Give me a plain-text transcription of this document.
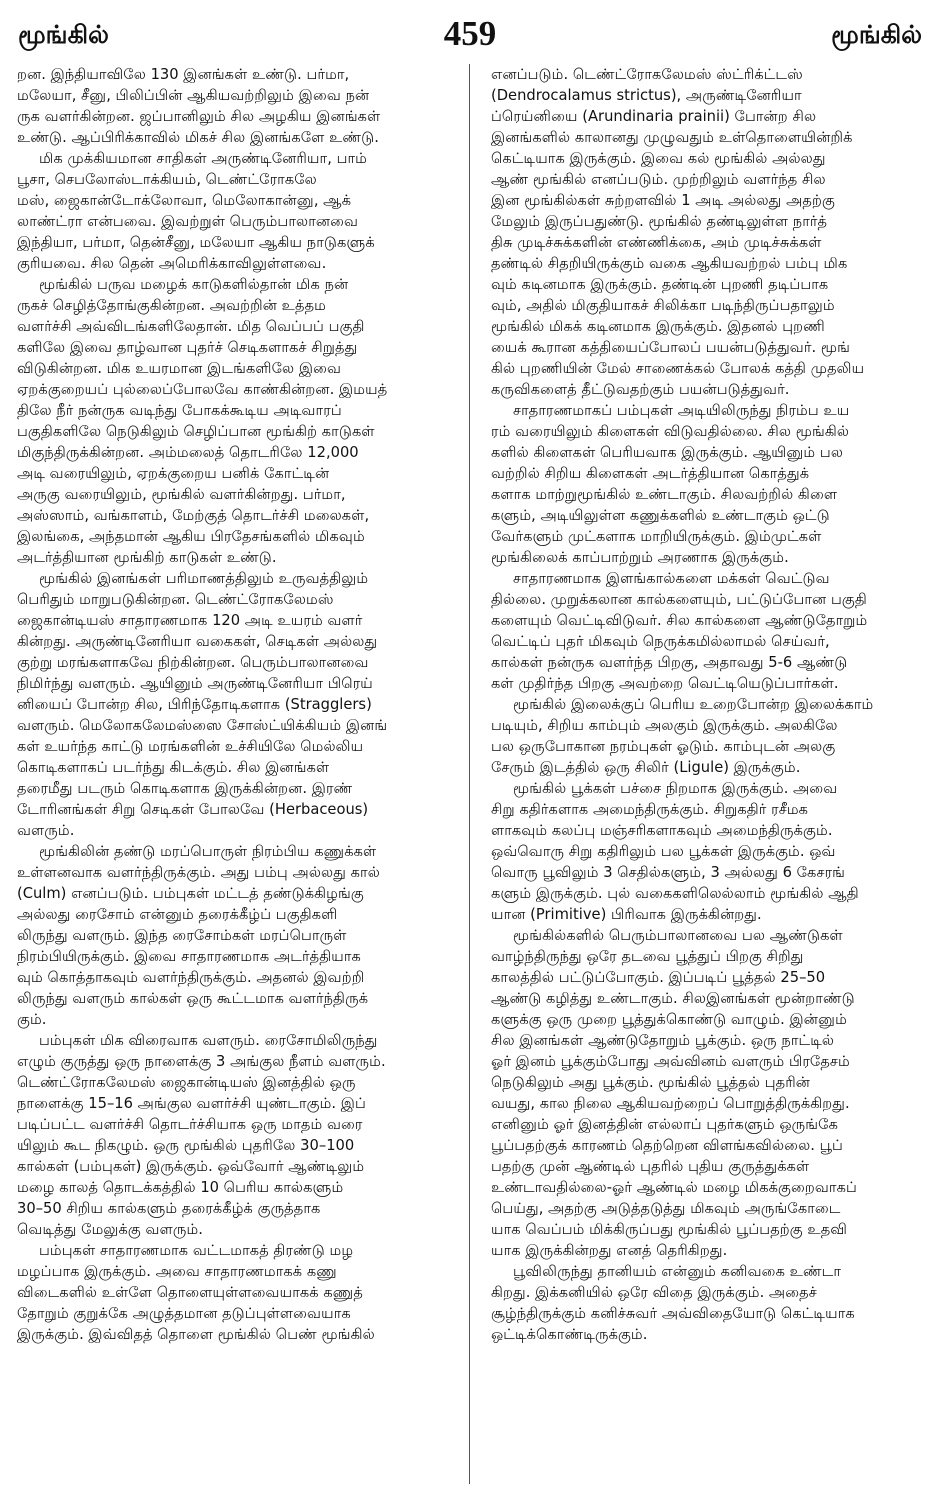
மூங்கில்	459	மூங்கில்

றன. இந்தியாவிலே 130 இனங்கள் உண்டு. பர்மா,

மலேயா, சீனு, பிலிப்பின் ஆகியவற்றிலும் இவை நன்

ருக வளர்கின்றன. ஜப்பானிலும் சில அழகிய இனங்கள்

உண்டு. ஆப்பிரிக்காவில் மிகச் சில இனங்களே உண்டு.

மிக முக்கியமான சாதிகள் அருண்டினேரியா, பாம்

பூசா, செபலோஸ்டாக்கியம், டெண்ட்ரோகலே

மஸ், ஜைகான்டோக்லோவா, மெலோகான்னு, ஆக்

லாண்ட்ரா என்பவை. இவற்றுள் பெரும்பாலானவை

இந்தியா, பர்மா, தென்சீனு, மலேயா ஆகிய நாடுகளுக்

குரியவை. சில தென் அமெரிக்காவிலுள்ளவை.

மூங்கில் பருவ மழைக் காடுகளில்தான் மிக நன்

ருகச் செழித்தோங்குகின்றன. அவற்றின் உத்தம

வளர்ச்சி அவ்விடங்களிலேதான். மித வெப்பப் பகுதி

களிலே இவை தாழ்வான புதர்ச் செடிகளாகச் சிறுத்து

விடுகின்றன. மிக உயரமான இடங்களிலே இவை

ஏறக்குறையப் புல்லைப்போலவே காண்கின்றன. இமயத்

திலே நீர் நன்ருக வடிந்து போகக்கூடிய அடிவாரப்

பகுதிகளிலே நெடுகிலும் செழிப்பான மூங்கிற் காடுகள்

மிகுந்திருக்கின்றன. அம்மலைத் தொடரிலே 12,000

அடி வரையிலும், ஏறக்குறைய பனிக் கோட்டின்

அருகு வரையிலும், மூங்கில் வளர்கின்றது. பர்மா,

அஸ்ஸாம், வங்காளம், மேற்குத் தொடர்ச்சி மலைகள்,

இலங்கை, அந்தமான் ஆகிய பிரதேசங்களில் மிகவும்

அடர்த்தியான மூங்கிற் காடுகள் உண்டு.

மூங்கில் இனங்கள் பரிமாணத்திலும் உருவத்திலும்

பெரிதும் மாறுபடுகின்றன. டெண்ட்ரோகலேமஸ்

ஜைகான்டியஸ் சாதாரணமாக 120 அடி உயரம் வளர்

கின்றது. அருண்டினேரியா வகைகள், செடிகள் அல்லது

குற்று மரங்களாகவே நிற்கின்றன. பெரும்பாலானவை

நிமிர்ந்து வளரும். ஆயினும் அருண்டினேரியா பிரெய்

னியைப் போன்ற சில, பிரிந்தோடிகளாக (Stragglers)

வளரும். மெலோகலேமஸ்ஸை சோஸ்ட்யிக்கியம் இனங்

கள் உயர்ந்த காட்டு மரங்களின் உச்சியிலே மெல்லிய

கொடிகளாகப் படர்ந்து கிடக்கும். சில இனங்கள்

தரைமீது படரும் கொடிகளாக இருக்கின்றன. இரண்

டோரினங்கள் சிறு செடிகள் போலவே (Herbaceous)

வளரும்.

மூங்கிலின் தண்டு மரப்பொருள் நிரம்பிய கணுக்கள்

உள்ளனவாக வளர்ந்திருக்கும். அது பம்பு அல்லது கால்

(Culm) எனப்படும். பம்புகள் மட்டத் தண்டுக்கிழங்கு

அல்லது ரைசோம் என்னும் தரைக்கீழ்ப் பகுதிகளி

லிருந்து வளரும். இந்த ரைசோம்கள் மரப்பொருள்

நிரம்பியிருக்கும். இவை சாதாரணமாக அடர்த்தியாக

வும் கொத்தாகவும் வளர்ந்திருக்கும். அதனல் இவற்றி

லிருந்து வளரும் கால்கள் ஒரு கூட்டமாக வளர்ந்திருக்

கும்.

பம்புகள் மிக விரைவாக வளரும். ரைசோமிலிருந்து

எழும் குருத்து ஒரு நாளைக்கு 3 அங்குல நீளம் வளரும்.

டெண்ட்ரோகலேமஸ் ஜைகான்டியஸ் இனத்தில் ஒரு

நாளைக்கு 15–16 அங்குல வளர்ச்சி யுண்டாகும். இப்

படிப்பட்ட வளர்ச்சி தொடர்ச்சியாக ஒரு மாதம் வரை

யிலும் கூட நிகழும். ஒரு மூங்கில் புதரிலே 30–100

கால்கள் (பம்புகள்) இருக்கும். ஒவ்வோர் ஆண்டிலும்

மழை காலத் தொடக்கத்தில் 10 பெரிய கால்களும்

30–50 சிறிய கால்களும் தரைக்கீழ்க் குருத்தாக

வெடித்து மேலுக்கு வளரும்.

பம்புகள் சாதாரணமாக வட்டமாகத் திரண்டு மழ

மழப்பாக இருக்கும். அவை சாதாரணமாகக் கணு

விடைகளில் உள்ளே தொளையுள்ளவையாகக் கணுத்

தோறும் குறுக்கே அழுத்தமான தடுப்புள்ளவையாக

இருக்கும். இவ்விதத் தொளை மூங்கில் பெண் மூங்கில்

எனப்படும். டெண்ட்ரோகலேமஸ் ஸ்ட்ரிக்ட்டஸ்

(Dendrocalamus strictus), அருண்டினேரியா

ப்ரெய்னியை (Arundinaria prainii) போன்ற சில

இனங்களில் காலானது முழுவதும் உள்தொளையின்றிக்

கெட்டியாக இருக்கும். இவை கல் மூங்கில் அல்லது

ஆண் மூங்கில் எனப்படும். முற்றிலும் வளர்ந்த சில

இன மூங்கில்கள் சுற்றளவில் 1 அடி அல்லது அதற்கு

மேலும் இருப்பதுண்டு. மூங்கில் தண்டிலுள்ள நார்த்

திசு முடிச்சுக்களின் எண்ணிக்கை, அம் முடிச்சுக்கள்

தண்டில் சிதறியிருக்கும் வகை ஆகியவற்றல் பம்பு மிக

வும் கடினமாக இருக்கும். தண்டின் புறணி தடிப்பாக

வும், அதில் மிகுதியாகச் சிலிக்கா படிந்திருப்பதாலும்

மூங்கில் மிகக் கடினமாக இருக்கும். இதனல் புறணி

யைக் கூரான கத்தியைப்போலப் பயன்படுத்துவர். மூங்

கில் புறணியின் மேல் சாணைக்கல் போலக் கத்தி முதலிய

கருவிகளைத் தீட்டுவதற்கும் பயன்படுத்துவர்.

சாதாரணமாகப் பம்புகள் அடியிலிருந்து நிரம்ப உய

ரம் வரையிலும் கிளைகள் விடுவதில்லை. சில மூங்கில்

களில் கிளைகள் பெரியவாக இருக்கும். ஆயினும் பல

வற்றில் சிறிய கிளைகள் அடர்த்தியான கொத்துக்

களாக மாற்றுமூங்கில் உண்டாகும். சிலவற்றில் கிளை

களும், அடியிலுள்ள கணுக்களில் உண்டாகும் ஒட்டு

வேர்களும் முட்களாக மாறியிருக்கும். இம்முட்கள்

மூங்கிலைக் காப்பாற்றும் அரணாக இருக்கும்.

சாதாரணமாக இளங்கால்களை மக்கள் வெட்டுவ

தில்லை. முறுக்கலான கால்களையும், பட்டுப்போன பகுதி

களையும் வெட்டிவிடுவர். சில கால்களை ஆண்டுதோறும்

வெட்டிப் புதர் மிகவும் நெருக்கமில்லாமல் செய்வர்,

கால்கள் நன்ருக வளர்ந்த பிறகு, அதாவது 5-6 ஆண்டு

கள் முதிர்ந்த பிறகு அவற்றை வெட்டியெடுப்பார்கள்.

மூங்கில் இலைக்குப் பெரிய உறைபோன்ற இலைக்காம்

படியும், சிறிய காம்பும் அலகும் இருக்கும். அலகிலே

பல ஒருபோகான நரம்புகள் ஓடும். காம்புடன் அலகு

சேரும் இடத்தில் ஒரு சிலிர் (Ligule) இருக்கும்.

மூங்கில் பூக்கள் பச்சை நிறமாக இருக்கும். அவை

சிறு கதிர்களாக அமைந்திருக்கும். சிறுகதிர் ரசீமக

ளாகவும் கலப்பு மஞ்சரிகளாகவும் அமைந்திருக்கும்.

ஒவ்வொரு சிறு கதிரிலும் பல பூக்கள் இருக்கும். ஒவ்

வொரு பூவிலும் 3 செதில்களும், 3 அல்லது 6 கேசரங்

களும் இருக்கும். புல் வகைகளிலெல்லாம் மூங்கில் ஆதி

யான (Primitive) பிரிவாக இருக்கின்றது.

மூங்கில்களில் பெரும்பாலானவை பல ஆண்டுகள்

வாழ்ந்திருந்து ஒரே தடவை பூத்துப் பிறகு சிறிது

காலத்தில் பட்டுப்போகும். இப்படிப் பூத்தல் 25–50

ஆண்டு கழித்து உண்டாகும். சிலஇனங்கள் மூன்றாண்டு

களுக்கு ஒரு முறை பூத்துக்கொண்டு வாழும். இன்னும்

சில இனங்கள் ஆண்டுதோறும் பூக்கும். ஒரு நாட்டில்

ஓர் இனம் பூக்கும்போது அவ்வினம் வளரும் பிரதேசம்

நெடுகிலும் அது பூக்கும். மூங்கில் பூத்தல் புதரின்

வயது, கால நிலை ஆகியவற்றைப் பொறுத்திருக்கிறது.

எனினும் ஓர் இனத்தின் எல்லாப் புதர்களும் ஒருங்கே

பூப்பதற்குக் காரணம் தெற்றென விளங்கவில்லை. பூப்

பதற்கு முன் ஆண்டில் புதரில் புதிய குருத்துக்கள்

உண்டாவதில்லை-ஓர் ஆண்டில் மழை மிகக்குறைவாகப்

பெய்து, அதற்கு அடுத்தடுத்து மிகவும் அருங்கோடை

யாக வெப்பம் மிக்கிருப்பது மூங்கில் பூப்பதற்கு உதவி

யாக இருக்கின்றது எனத் தெரிகிறது.

பூவிலிருந்து தானியம் என்னும் கனிவகை உண்டா

கிறது. இக்கனியில் ஒரே விதை இருக்கும். அதைச்

சூழ்ந்திருக்கும் கனிச்சுவர் அவ்விதையோடு கெட்டியாக

ஒட்டிக்கொண்டிருக்கும்.
